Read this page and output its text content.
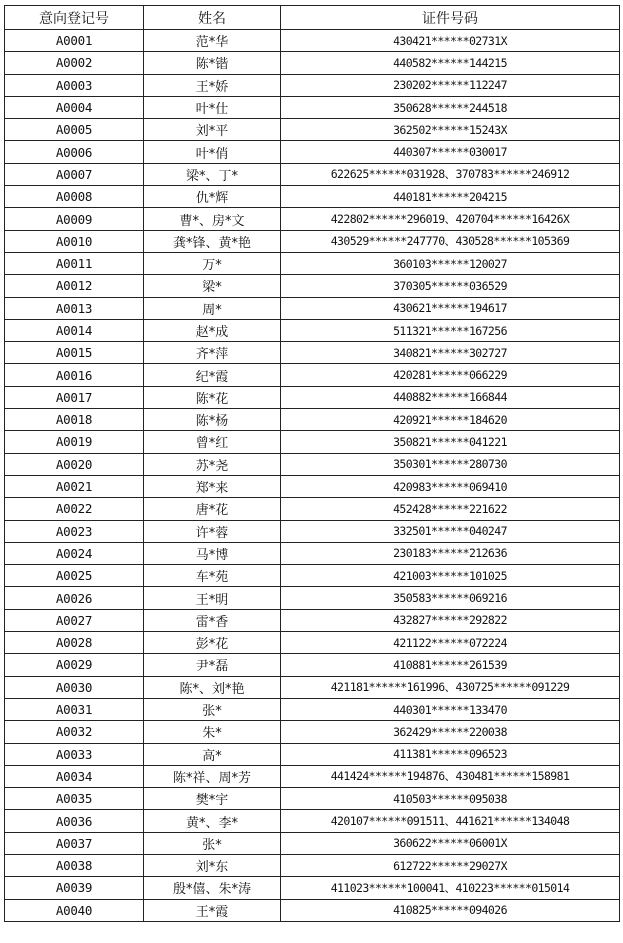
意向登记号	姓名	证件号码
A0001	范*华	430421******02731X
A0002	陈*锴	440582******144215
A0003	王*娇	230202******112247
A0004	叶*仕	350628******244518
A0005	刘*平	362502******15243X
A0006	叶*俏	440307******030017
A0007	梁*、丁*	622625******031928、370783******246912
A0008	仇*辉	440181******204215
A0009	曹*、房*文	422802******296019、420704******16426X
A0010	龚*锋、黄*艳	430529******247770、430528******105369
A0011	万*	360103******120027
A0012	梁*	370305******036529
A0013	周*	430621******194617
A0014	赵*成	511321******167256
A0015	齐*萍	340821******302727
A0016	纪*霞	420281******066229
A0017	陈*花	440882******166844
A0018	陈*杨	420921******184620
A0019	曾*红	350821******041221
A0020	苏*尧	350301******280730
A0021	郑*来	420983******069410
A0022	唐*花	452428******221622
A0023	许*蓉	332501******040247
A0024	马*博	230183******212636
A0025	车*苑	421003******101025
A0026	王*明	350583******069216
A0027	雷*香	432827******292822
A0028	彭*花	421122******072224
A0029	尹*磊	410881******261539
A0030	陈*、刘*艳	421181******161996、430725******091229
A0031	张*	440301******133470
A0032	朱*	362429******220038
A0033	高*	411381******096523
A0034	陈*祥、周*芳	441424******194876、430481******158981
A0035	樊*宇	410503******095038
A0036	黄*、李*	420107******091511、441621******134048
A0037	张*	360622******06001X
A0038	刘*东	612722******29027X
A0039	殷*僖、朱*涛	411023******100041、410223******015014
A0040	王*霞	410825******094026
